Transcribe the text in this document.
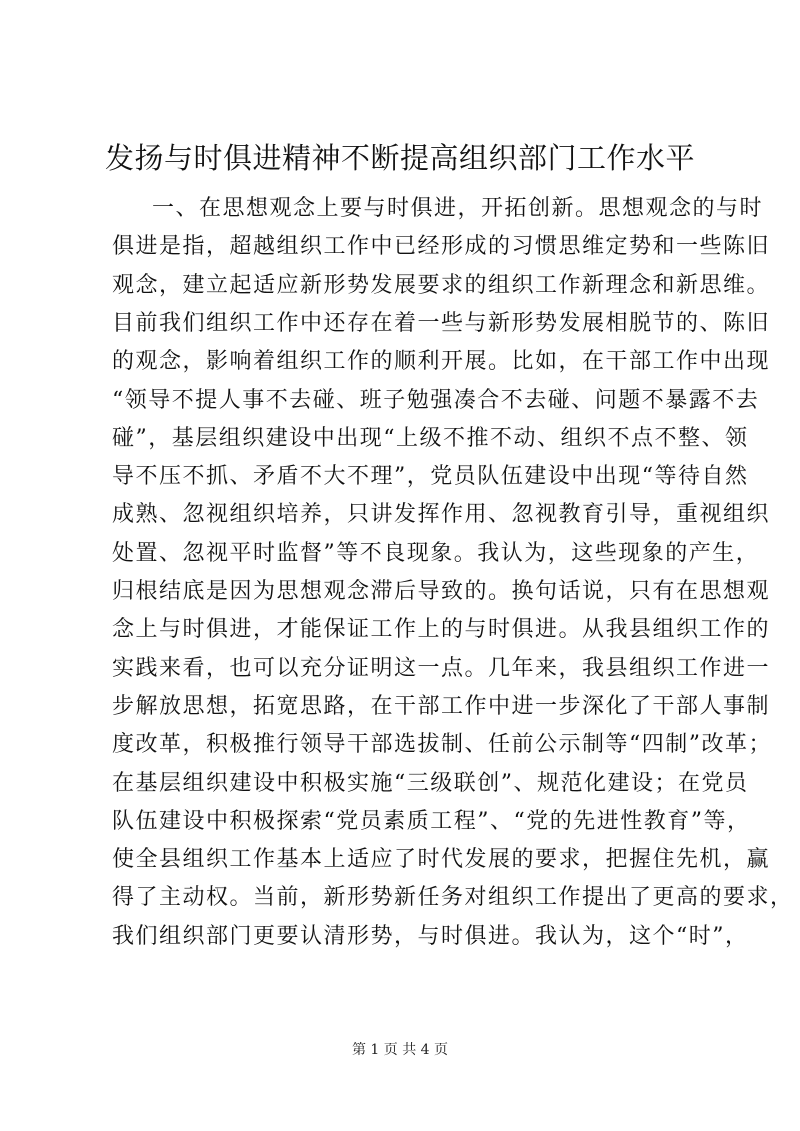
发扬与时俱进精神不断提高组织部门工作水平
一、在思想观念上要与时俱进，开拓创新。思想观念的与时
俱进是指，超越组织工作中已经形成的习惯思维定势和一些陈旧
观念，建立起适应新形势发展要求的组织工作新理念和新思维。
目前我们组织工作中还存在着一些与新形势发展相脱节的、陈旧
的观念，影响着组织工作的顺利开展。比如，在干部工作中出现
“领导不提人事不去碰、班子勉强凑合不去碰、问题不暴露不去
碰”，基层组织建设中出现“上级不推不动、组织不点不整、领
导不压不抓、矛盾不大不理”，党员队伍建设中出现“等待自然
成熟、忽视组织培养，只讲发挥作用、忽视教育引导，重视组织
处置、忽视平时监督”等不良现象。我认为，这些现象的产生，
归根结底是因为思想观念滞后导致的。换句话说，只有在思想观
念上与时俱进，才能保证工作上的与时俱进。从我县组织工作的
实践来看，也可以充分证明这一点。几年来，我县组织工作进一
步解放思想，拓宽思路，在干部工作中进一步深化了干部人事制
度改革，积极推行领导干部选拔制、任前公示制等“四制”改革；
在基层组织建设中积极实施“三级联创”、规范化建设；在党员
队伍建设中积极探索“党员素质工程”、“党的先进性教育”等，
使全县组织工作基本上适应了时代发展的要求，把握住先机，赢
得了主动权。当前，新形势新任务对组织工作提出了更高的要求，
我们组织部门更要认清形势，与时俱进。我认为，这个“时”，
第 1 页 共 4 页
